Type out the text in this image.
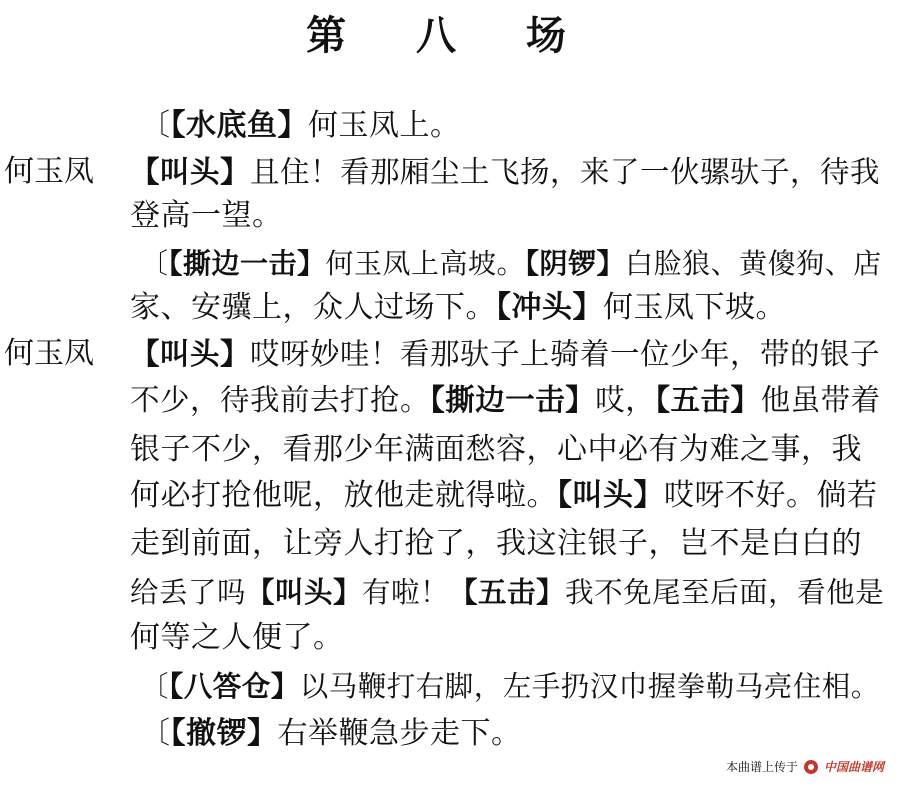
第 八 场
〔【水底鱼】何玉凤上。
何玉凤 【叫头】且住！看那厢尘土飞扬，来了一伙骡驮子，待我
登高一望。
〔【撕边一击】何玉凤上高坡。【阴锣】白脸狼、黄傻狗、店
家、安骥上，众人过场下。【冲头】何玉凤下坡。
何玉凤 【叫头】哎呀妙哇！看那驮子上骑着一位少年，带的银子
不少，待我前去打抢。【撕边一击】哎，【五击】他虽带着
银子不少，看那少年满面愁容，心中必有为难之事，我
何必打抢他呢，放他走就得啦。【叫头】哎呀不好。倘若
走到前面，让旁人打抢了，我这注银子，岂不是白白的
给丢了吗【叫头】有啦！【五击】我不免尾至后面，看他是
何等之人便了。
〔【八答仓】以马鞭打右脚，左手扔汉巾握拳勒马亮住相。
〔【撤锣】右举鞭急步走下。
本曲谱上传于 中国曲谱网
